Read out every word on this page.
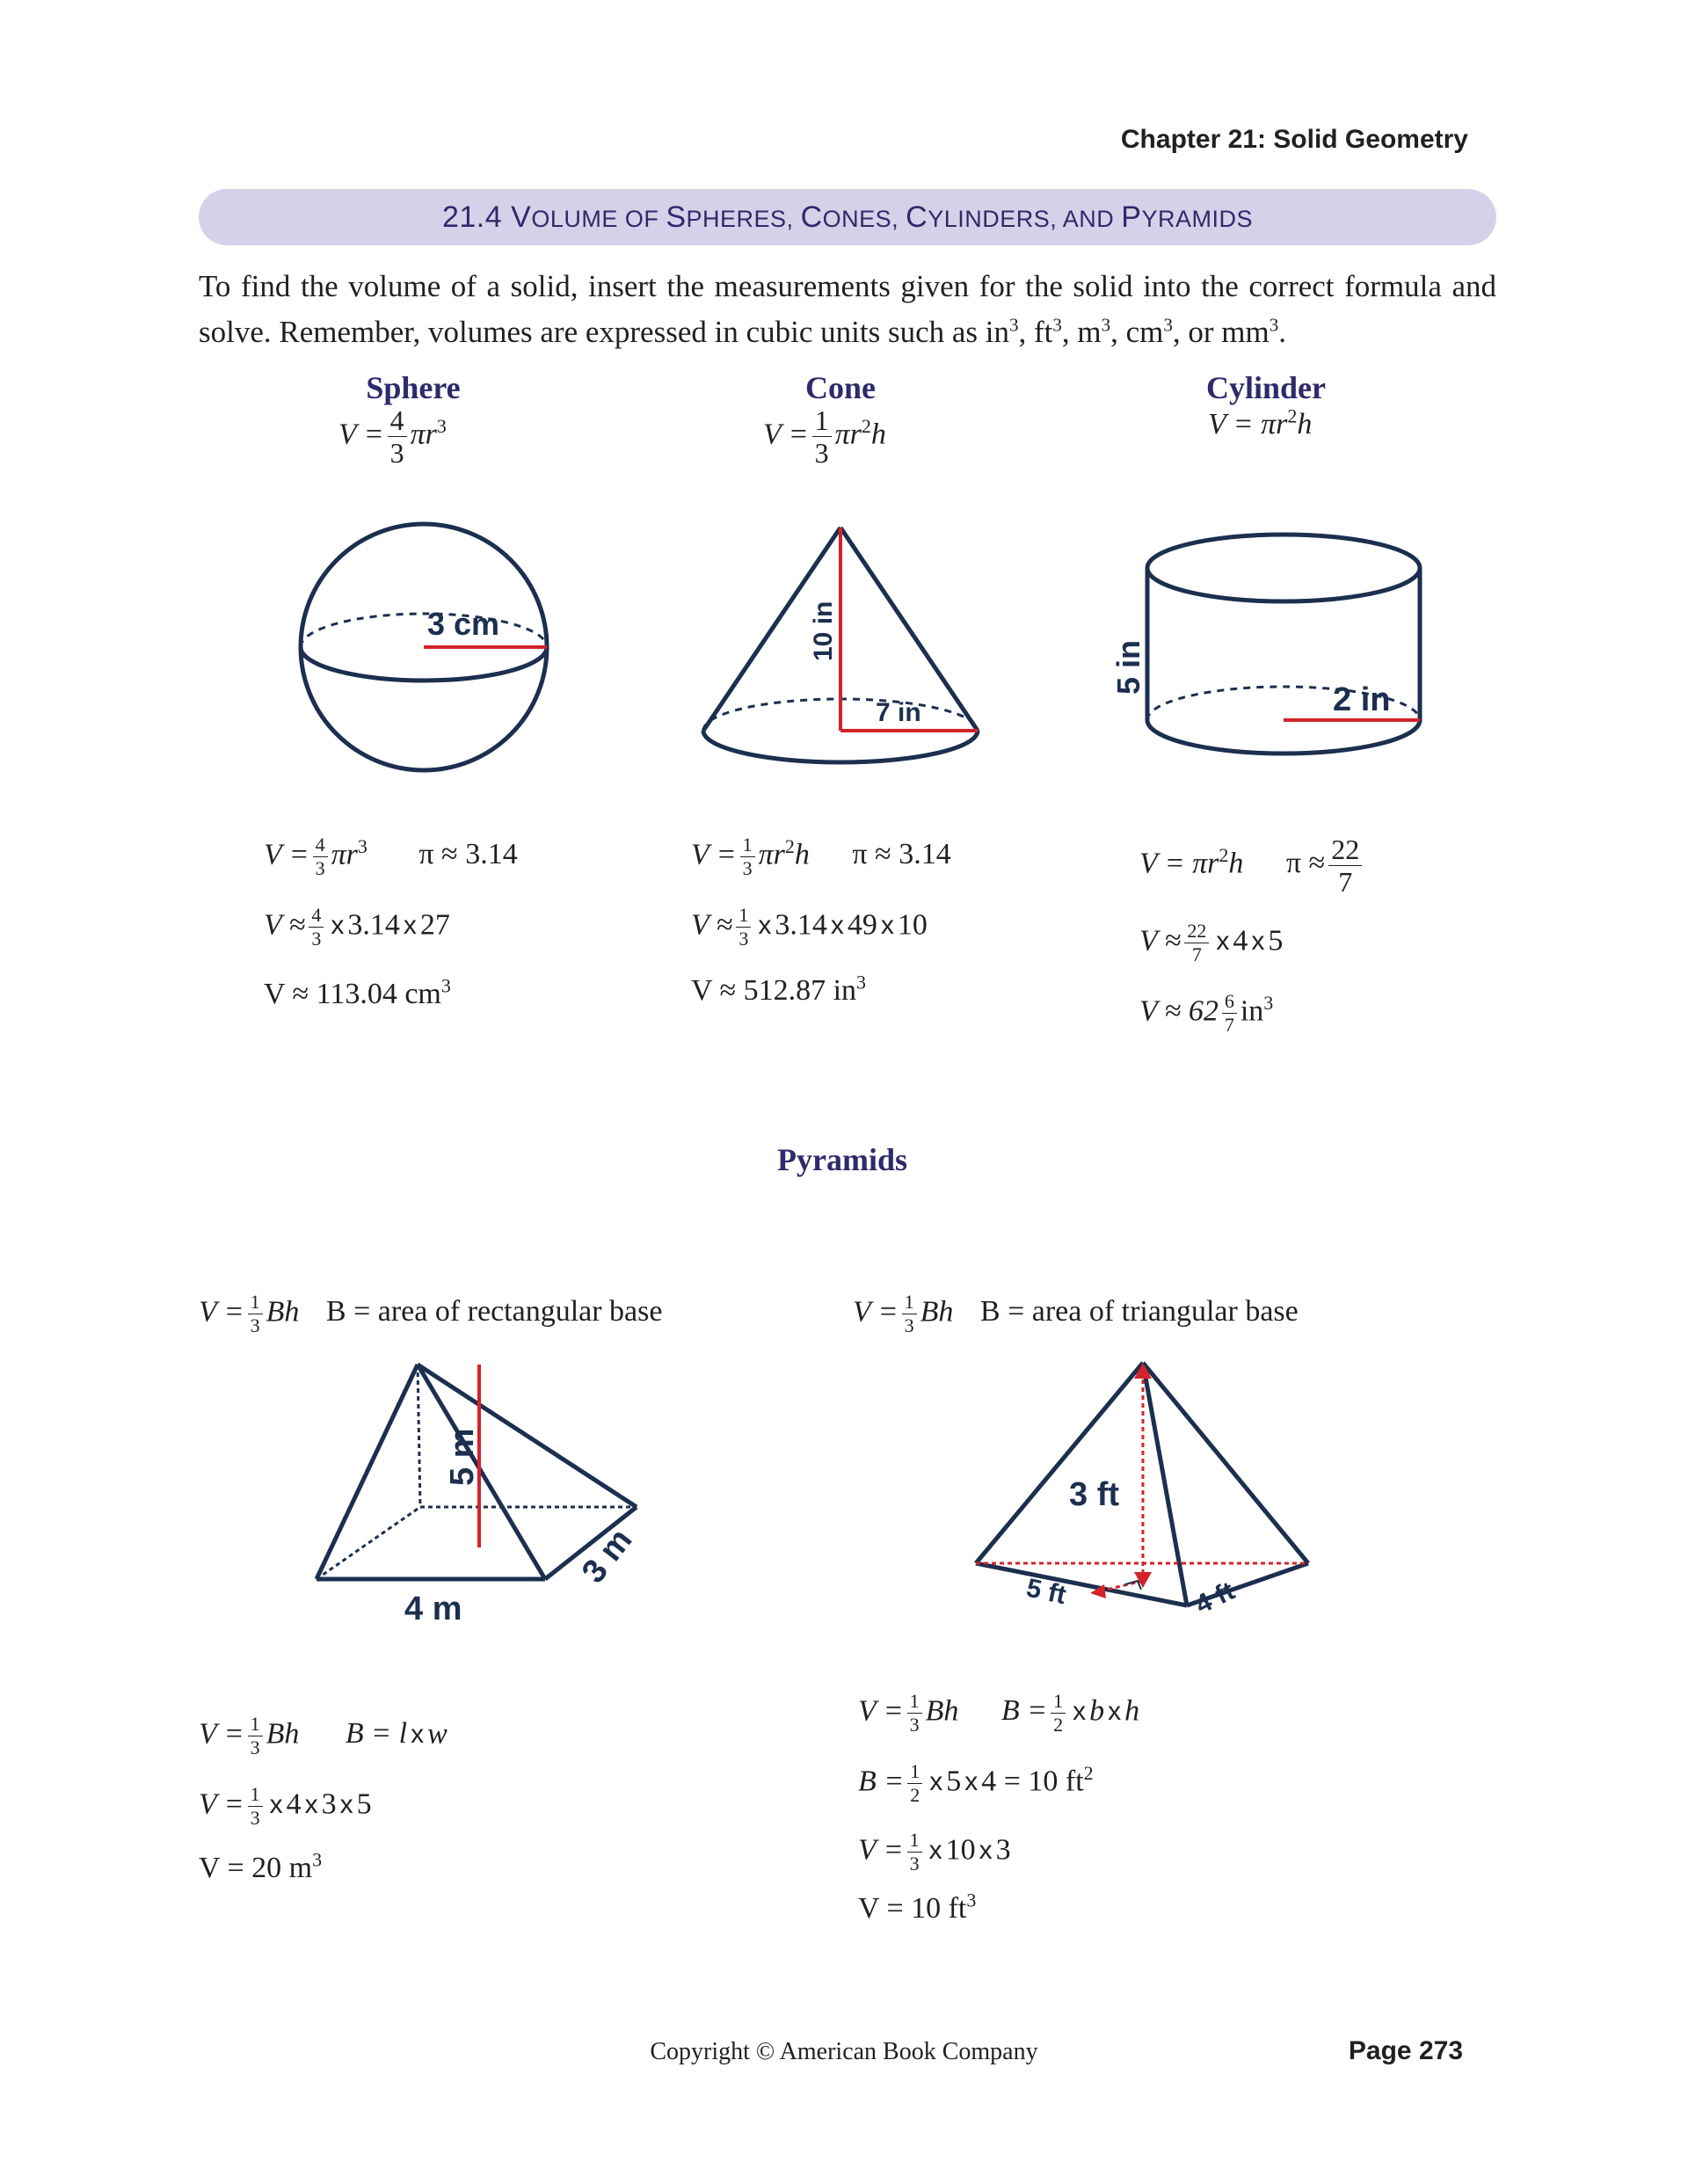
Chapter 21: Solid Geometry
21.4 VOLUME OF SPHERES, CONES, CYLINDERS, AND PYRAMIDS
To find the volume of a solid, insert the measurements given for the solid into the correct formula and solve. Remember, volumes are expressed in cubic units such as $in^3$, $ft^3$, $m^3$, $cm^3$, or $mm^3$.
Sphere	Cone	Cylinder
$V = \frac{4}{3} \pi r^3$	$V = \frac{1}{3} \pi r^2h$	$V = \pi r^2h$
3 cm	10 in
7 in
5 in
2 in
$V = \frac{4}{3} \pi r^3$ π ≈ 3.14
$V \approx \frac{4}{3}$ x 3.14 x 27
V ≈ 113.04 $cm^3$
$V = \frac{1}{3} \pi r^2h$ π ≈ 3.14
$V \approx \frac{1}{3}$ x 3.14 x 49 x 10
V ≈ 512.87 $in^3$
$V = \pi r^2h$ $\pi \approx \frac{22}{7}$
$V \approx \frac{22}{7}$ x 4 x 5
$V \approx 62 \frac{6}{7} in^3$
Pyramids
$V = \frac{1}{3}$ Bh B = area of rectangular base	$V = \frac{1}{3}$ Bh B = area of triangular base
5 m
3 m
4 m
3 ft
5 ft	4 ft
$V = \frac{1}{3}$ Bh B = l x w
$V = \frac{1}{3}$ x 4 x 3 x 5
V = 20 $m^3$
$V = \frac{1}{3}$ Bh $B = \frac{1}{2}$ x b x h
$B = \frac{1}{2}$ x 5 x 4 = 10 $ft^2$
$V = \frac{1}{3}$ x 10 x 3
V = 10 $ft^3$
Copyright © American Book Company	Page 273
